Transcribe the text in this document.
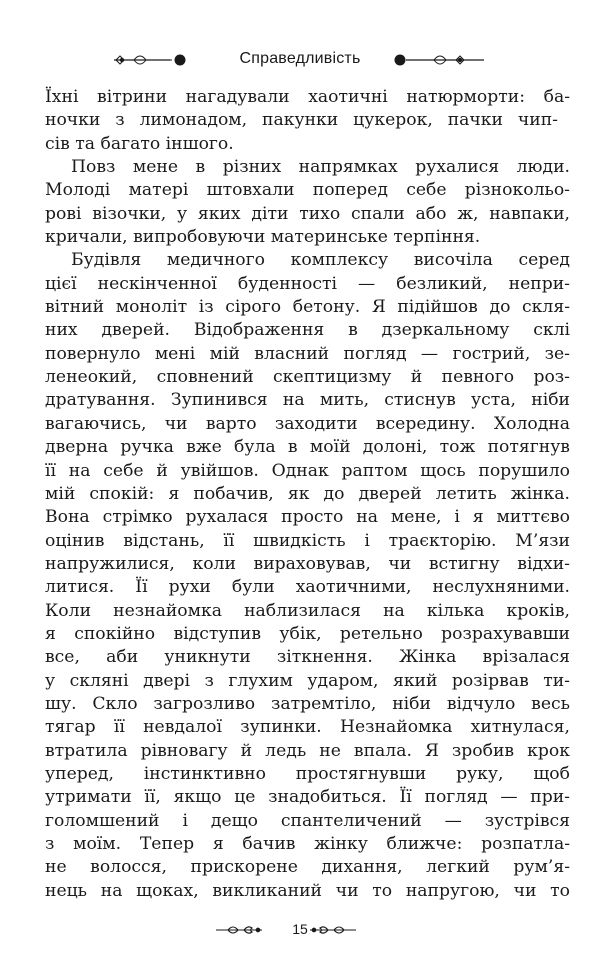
Справедливість
Їхні вітрини нагадували хаотичні натюрморти: ба-
ночки з лимонадом, пакунки цукерок, пачки чип-
сів та багато іншого.
Повз мене в різних напрямках рухалися люди.
Молоді матері штовхали поперед себе різнокольо-
рові візочки, у яких діти тихо спали або ж, навпаки,
кричали, випробовуючи материнське терпіння.
Будівля медичного комплексу височіла серед
цієї нескінченної буденності — безликий, непри-
вітний моноліт із сірого бетону. Я підійшов до скля-
них дверей. Відображення в дзеркальному склі
повернуло мені мій власний погляд — гострий, зе-
ленеокий, сповнений скептицизму й певного роз-
дратування. Зупинився на мить, стиснув уста, ніби
вагаючись, чи варто заходити всередину. Холодна
дверна ручка вже була в моїй долоні, тож потягнув
її на себе й увійшов. Однак раптом щось порушило
мій спокій: я побачив, як до дверей летить жінка.
Вона стрімко рухалася просто на мене, і я миттєво
оцінив відстань, її швидкість і траєкторію. М’язи
напружилися, коли вираховував, чи встигну відхи-
литися. Її рухи були хаотичними, неслухняними.
Коли незнайомка наблизилася на кілька кроків,
я спокійно відступив убік, ретельно розрахувавши
все, аби уникнути зіткнення. Жінка врізалася
у скляні двері з глухим ударом, який розірвав ти-
шу. Скло загрозливо затремтіло, ніби відчуло весь
тягар її невдалої зупинки. Незнайомка хитнулася,
втратила рівновагу й ледь не впала. Я зробив крок
уперед, інстинктивно простягнувши руку, щоб
утримати її, якщо це знадобиться. Її погляд — при-
голомшений і дещо спантеличений — зустрівся
з моїм. Тепер я бачив жінку ближче: розпатла-
не волосся, прискорене дихання, легкий рум’я-
нець на щоках, викликаний чи то напругою, чи то
15
